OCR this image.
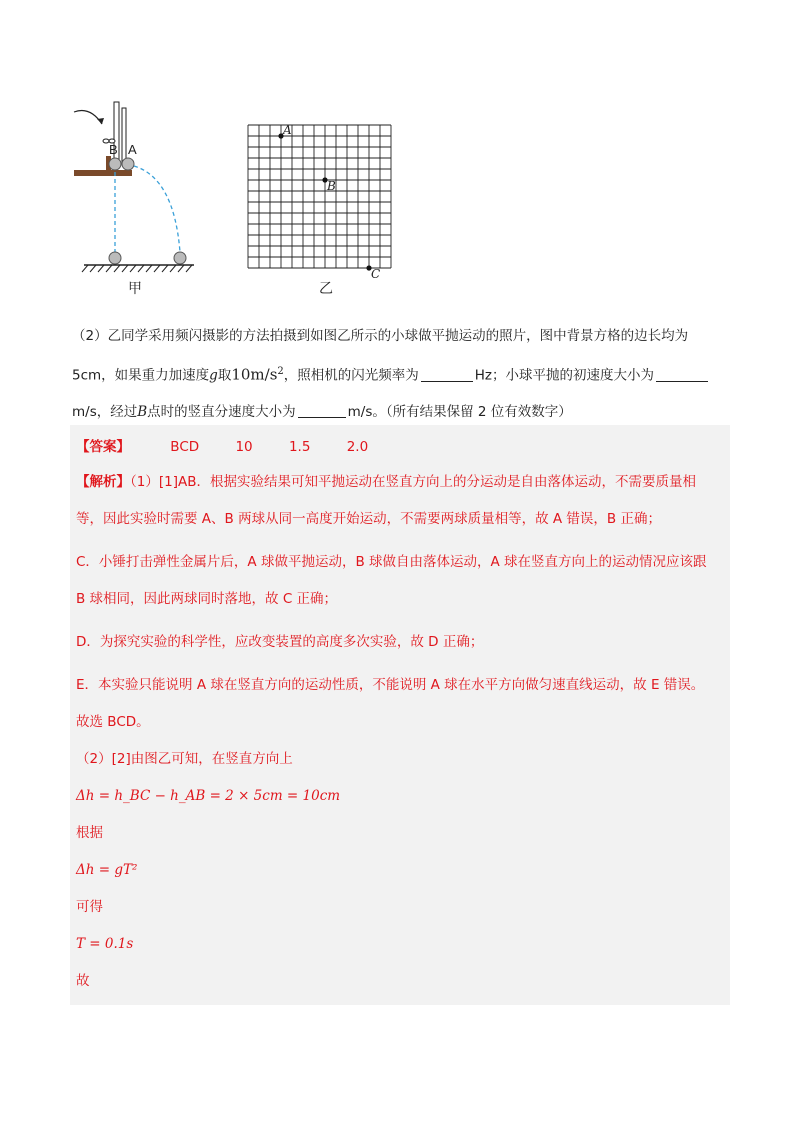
B A
甲
A
B
C
乙
（2）乙同学采用频闪摄影的方法拍摄到如图乙所示的小球做平抛运动的照片，图中背景方格的边长均为
5cm，如果重力加速度g取$10m/s^2$，照相机的闪光频率为	Hz；小球平抛的初速度大小为
m/s，经过B点时的竖直分速度大小为	m/s。（所有结果保留 2 位有效数字）
【答案】	BCD	10	1.5	2.0
【解析】（1）[1]AB．根据实验结果可知平抛运动在竖直方向上的分运动是自由落体运动，不需要质量相
等，因此实验时需要 A、B 两球从同一高度开始运动，不需要两球质量相等，故 A 错误，B 正确；
C．小锤打击弹性金属片后，A 球做平抛运动，B 球做自由落体运动，A 球在竖直方向上的运动情况应该跟
B 球相同，因此两球同时落地，故 C 正确；
D．为探究实验的科学性，应改变装置的高度多次实验，故 D 正确；
E．本实验只能说明 A 球在竖直方向的运动性质，不能说明 A 球在水平方向做匀速直线运动，故 E 错误。
故选 BCD。
（2）[2]由图乙可知，在竖直方向上
Δh = h_BC − h_AB = 2 × 5cm = 10cm
根据
Δh = gT²
可得
T = 0.1s
故
